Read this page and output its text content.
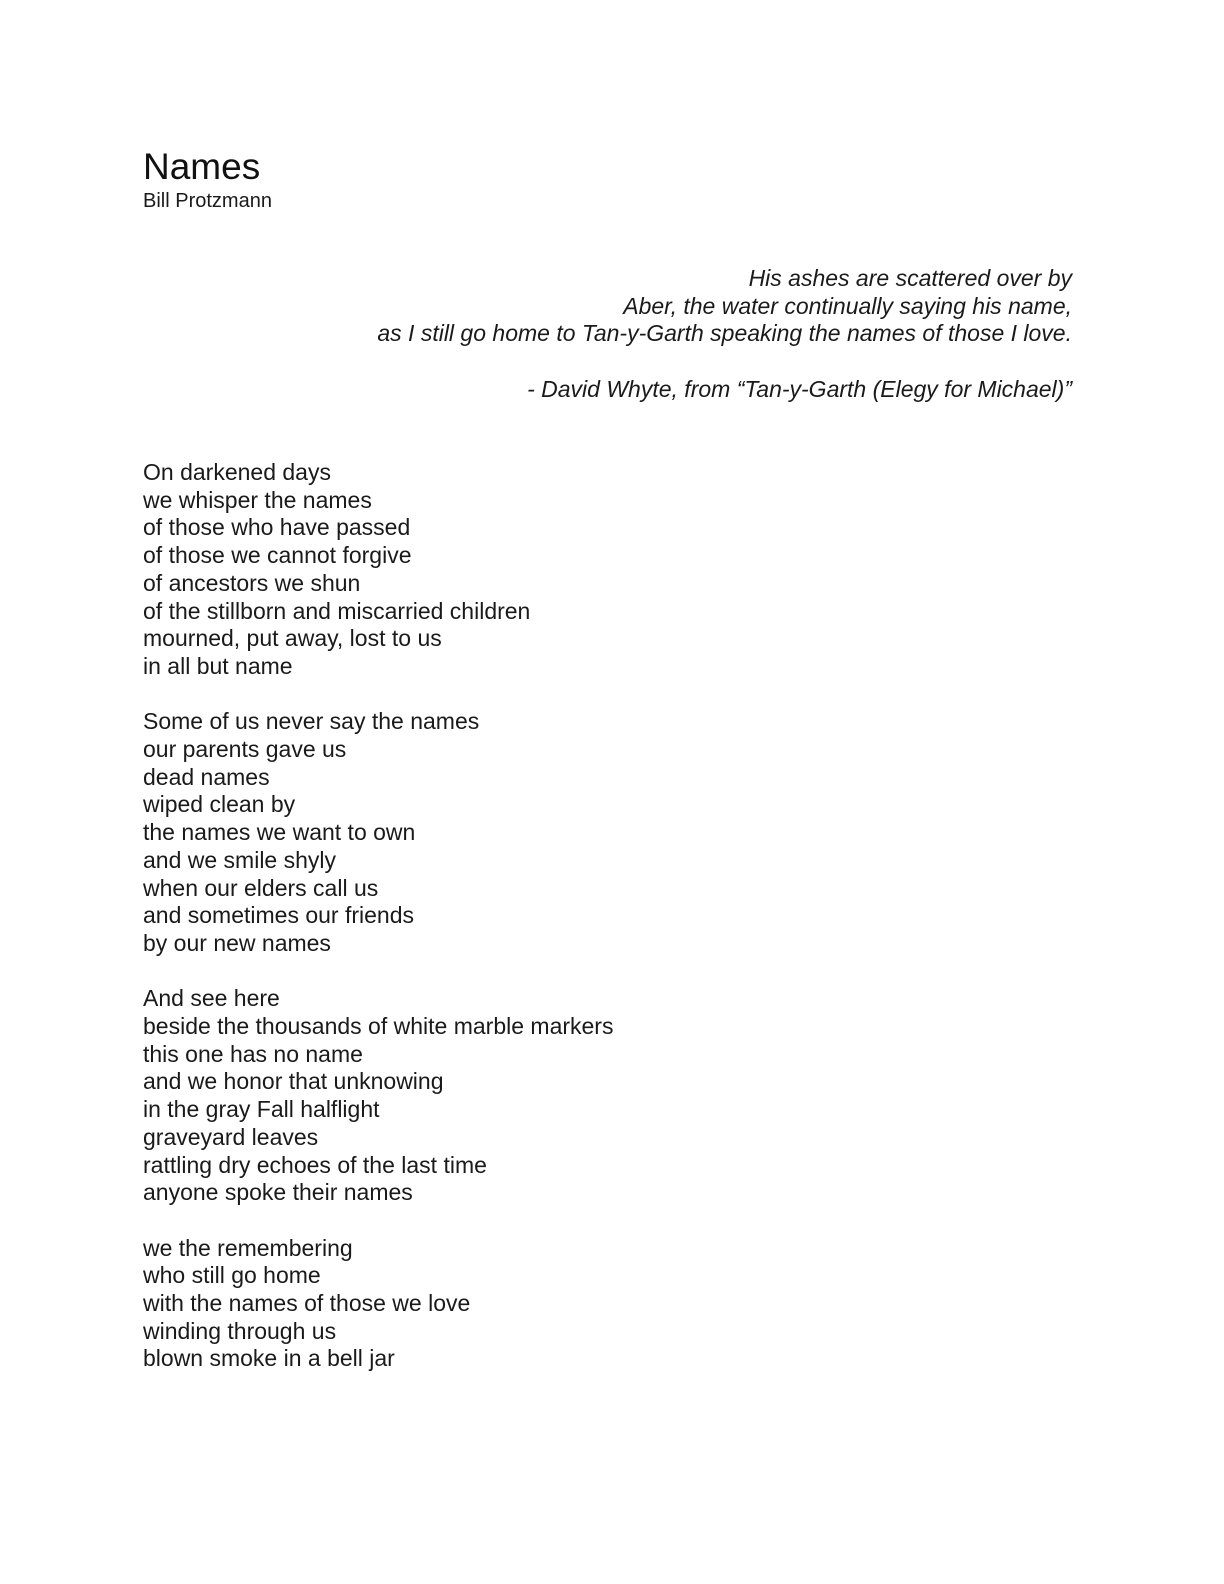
Names

Bill Protzmann

His ashes are scattered over by
Aber, the water continually saying his name,
as I still go home to Tan-y-Garth speaking the names of those I love.
- David Whyte, from “Tan-y-Garth (Elegy for Michael)”
On darkened days
we whisper the names
of those who have passed
of those we cannot forgive
of ancestors we shun
of the stillborn and miscarried children
mourned, put away, lost to us
in all but name
Some of us never say the names
our parents gave us
dead names
wiped clean by
the names we want to own
and we smile shyly
when our elders call us
and sometimes our friends
by our new names
And see here
beside the thousands of white marble markers
this one has no name
and we honor that unknowing
in the gray Fall halflight
graveyard leaves
rattling dry echoes of the last time
anyone spoke their names
we the remembering
who still go home
with the names of those we love
winding through us
blown smoke in a bell jar
